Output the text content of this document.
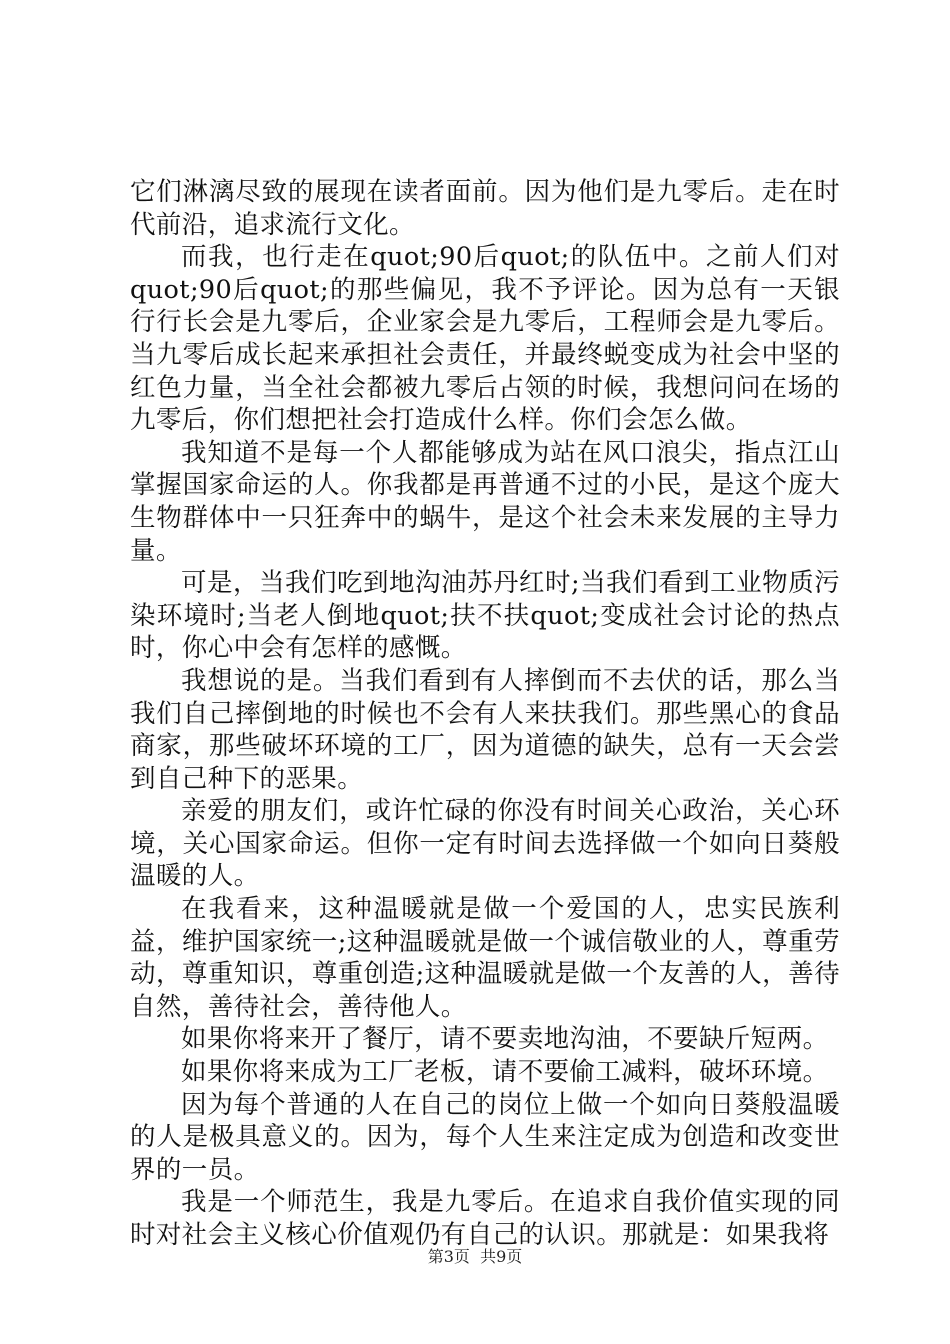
它们淋漓尽致的展现在读者面前。因为他们是九零后。走在时代前沿，追求流行文化。

而我，也行走在quot;90后quot;的队伍中。之前人们对quot;90后quot;的那些偏见，我不予评论。因为总有一天银行行长会是九零后，企业家会是九零后，工程师会是九零后。当九零后成长起来承担社会责任，并最终蜕变成为社会中坚的红色力量，当全社会都被九零后占领的时候，我想问问在场的九零后，你们想把社会打造成什么样。你们会怎么做。

我知道不是每一个人都能够成为站在风口浪尖，指点江山掌握国家命运的人。你我都是再普通不过的小民，是这个庞大生物群体中一只狂奔中的蜗牛，是这个社会未来发展的主导力量。

可是，当我们吃到地沟油苏丹红时;当我们看到工业物质污染环境时;当老人倒地quot;扶不扶quot;变成社会讨论的热点时，你心中会有怎样的感慨。

我想说的是。当我们看到有人摔倒而不去伏的话，那么当我们自己摔倒地的时候也不会有人来扶我们。那些黑心的食品商家，那些破坏环境的工厂，因为道德的缺失，总有一天会尝到自己种下的恶果。

亲爱的朋友们，或许忙碌的你没有时间关心政治，关心环境，关心国家命运。但你一定有时间去选择做一个如向日葵般温暖的人。

在我看来，这种温暖就是做一个爱国的人，忠实民族利益，维护国家统一;这种温暖就是做一个诚信敬业的人，尊重劳动，尊重知识，尊重创造;这种温暖就是做一个友善的人，善待自然，善待社会，善待他人。

如果你将来开了餐厅，请不要卖地沟油，不要缺斤短两。

如果你将来成为工厂老板，请不要偷工减料，破坏环境。

因为每个普通的人在自己的岗位上做一个如向日葵般温暖的人是极具意义的。因为，每个人生来注定成为创造和改变世界的一员。

我是一个师范生，我是九零后。在追求自我价值实现的同时对社会主义核心价值观仍有自己的认识。那就是：如果我将

第3页  共9页
